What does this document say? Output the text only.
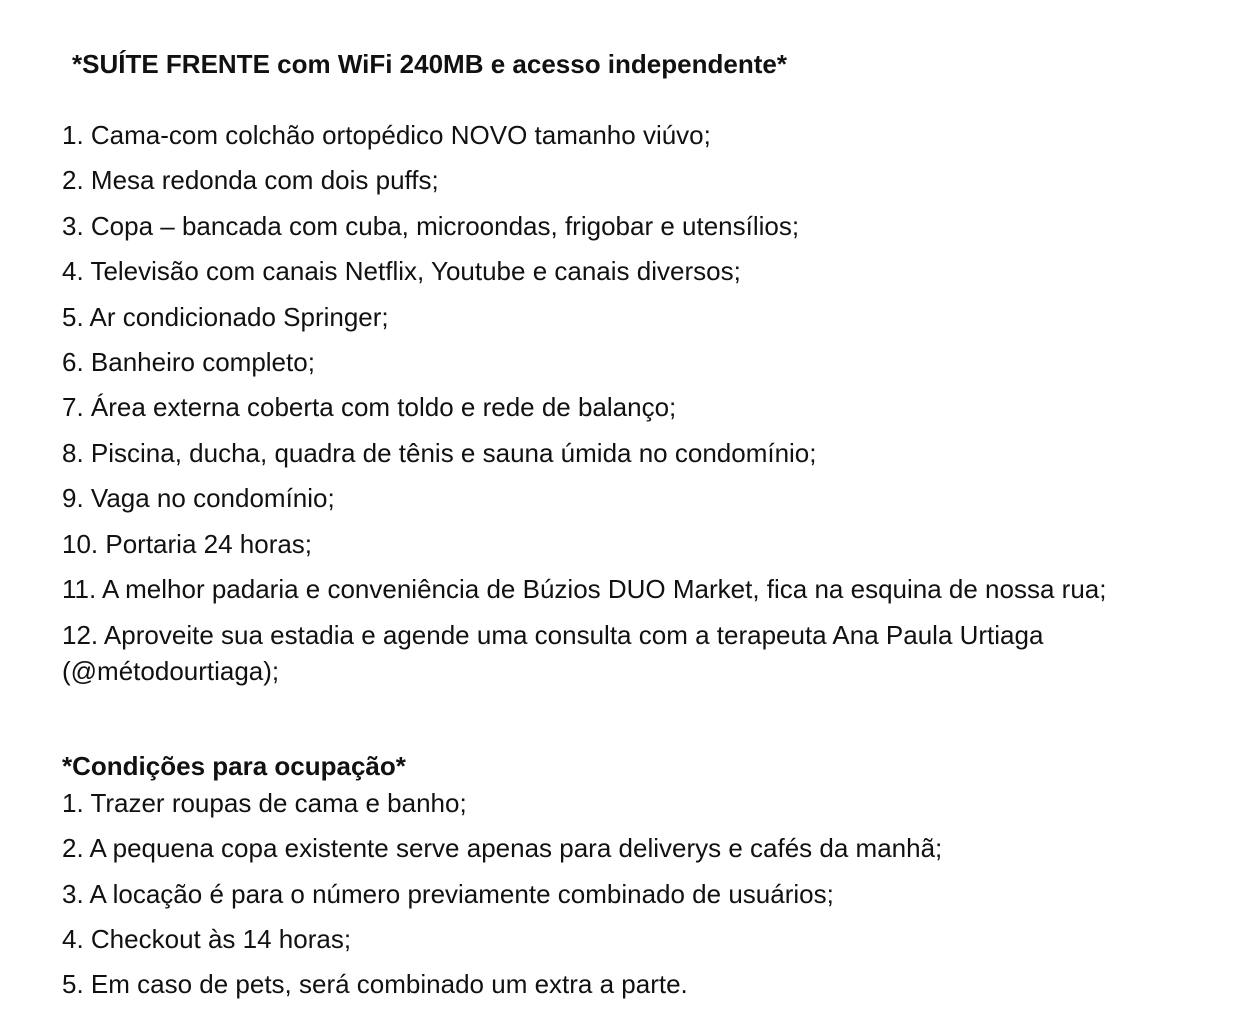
*SUÍTE FRENTE com WiFi 240MB e acesso independente*
1. Cama-com colchão ortopédico NOVO tamanho viúvo;
2. Mesa redonda com dois puffs;
3. Copa – bancada com cuba, microondas, frigobar e utensílios;
4. Televisão com canais Netflix, Youtube e canais diversos;
5. Ar condicionado Springer;
6. Banheiro completo;
7. Área externa coberta com toldo e rede de balanço;
8. Piscina, ducha, quadra de tênis e sauna úmida no condomínio;
9. Vaga no condomínio;
10. Portaria 24 horas;
11. A melhor padaria e conveniência de Búzios DUO Market, fica na esquina de nossa rua;
12. Aproveite sua estadia e agende uma consulta com a terapeuta Ana Paula Urtiaga (@métodourtiaga);
*Condições para ocupação*
1. Trazer roupas de cama e banho;
2. A pequena copa existente serve apenas para deliverys e cafés da manhã;
3. A locação é para o número previamente combinado de usuários;
4. Checkout às 14 horas;
5. Em caso de pets, será combinado um extra a parte.
